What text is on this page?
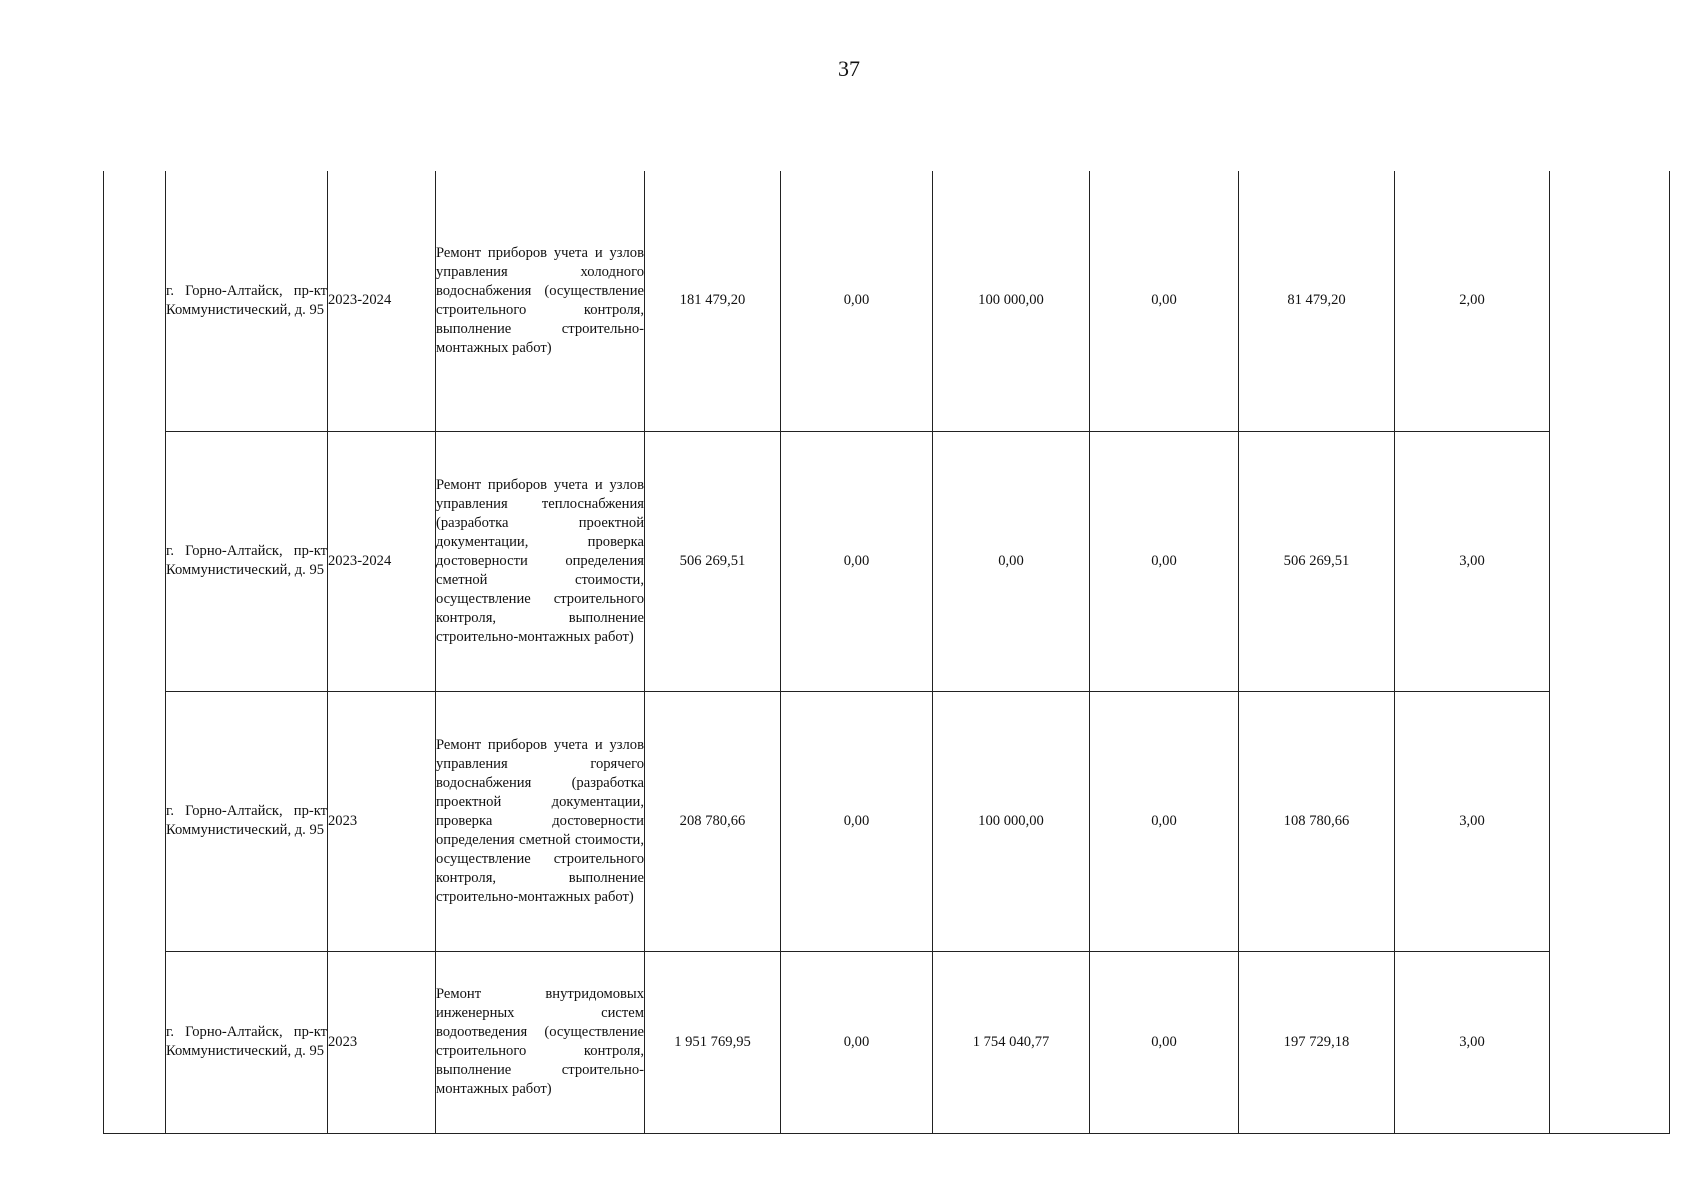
37
	г. Горно-Алтайск, пр-кт Коммунистический, д. 95	2023-2024	Ремонт приборов учета и узлов управления холодного водоснабжения (осуществление строительного контроля, выполнение строительно-монтажных работ)	181 479,20	0,00	100 000,00	0,00	81 479,20	2,00	
	г. Горно-Алтайск, пр-кт Коммунистический, д. 95	2023-2024	Ремонт приборов учета и узлов управления теплоснабжения (разработка проектной документации, проверка достоверности определения сметной стоимости, осуществление строительного контроля, выполнение строительно-монтажных работ)	506 269,51	0,00	0,00	0,00	506 269,51	3,00	
	г. Горно-Алтайск, пр-кт Коммунистический, д. 95	2023	Ремонт приборов учета и узлов управления горячего водоснабжения (разработка проектной документации, проверка достоверности определения сметной стоимости, осуществление строительного контроля, выполнение строительно-монтажных работ)	208 780,66	0,00	100 000,00	0,00	108 780,66	3,00	
	г. Горно-Алтайск, пр-кт Коммунистический, д. 95	2023	Ремонт внутридомовых инженерных систем водоотведения (осуществление строительного контроля, выполнение строительно-монтажных работ)	1 951 769,95	0,00	1 754 040,77	0,00	197 729,18	3,00	
